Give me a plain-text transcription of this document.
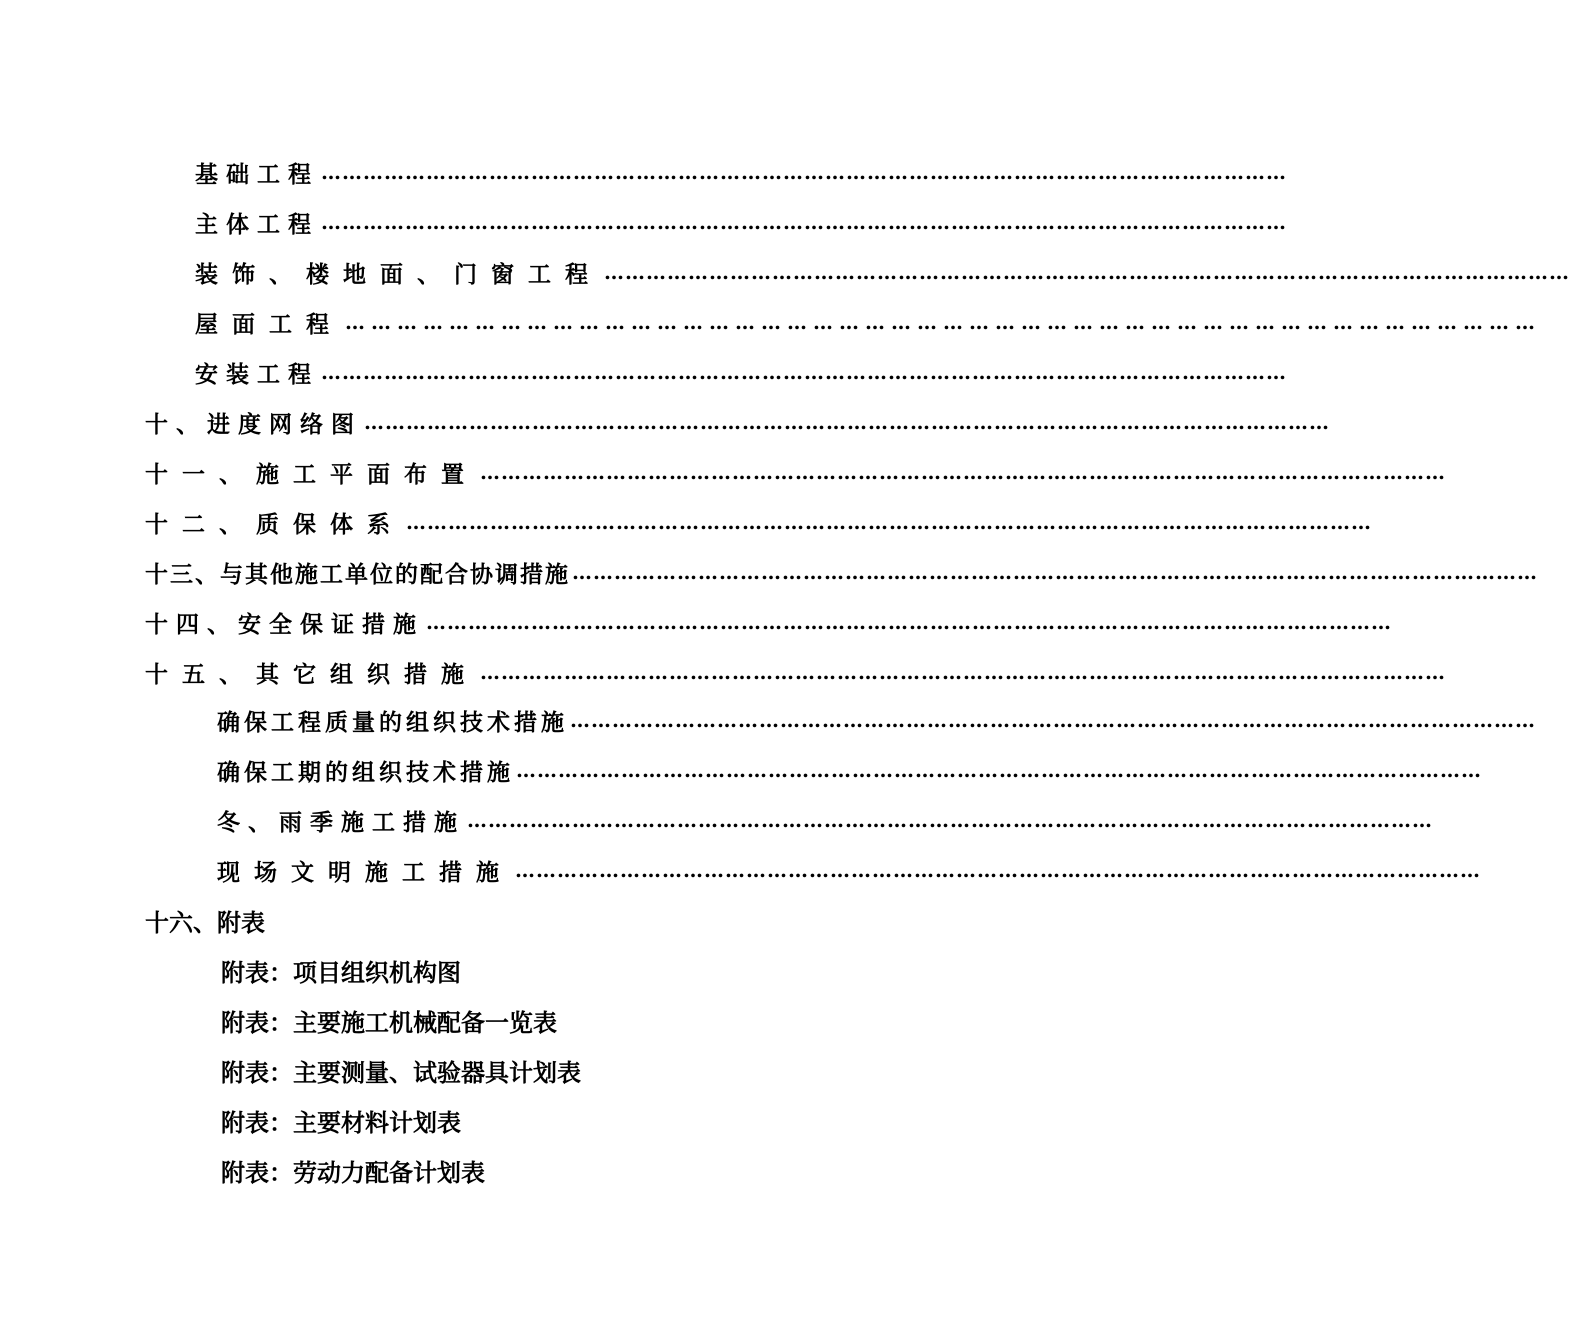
基础工程 …………………………………………………………………………………………………………………………
主体工程 …………………………………………………………………………………………………………………………
装饰、楼地面、门窗工程 …………………………………………………………………………………………………………………………
屋面工程 …………………………………………………………………………………………………………………………
安装工程 …………………………………………………………………………………………………………………………
十、进度网络图 …………………………………………………………………………………………………………………………
十一、施工平面布置 …………………………………………………………………………………………………………………………
十二、质保体系 …………………………………………………………………………………………………………………………
十三、与其他施工单位的配合协调措施 …………………………………………………………………………………………………………………………
十四、安全保证措施 …………………………………………………………………………………………………………………………
十五、其它组织措施 …………………………………………………………………………………………………………………………
确保工程质量的组织技术措施 …………………………………………………………………………………………………………………………
确保工期的组织技术措施 …………………………………………………………………………………………………………………………
冬、雨季施工措施 …………………………………………………………………………………………………………………………
现场文明施工措施 …………………………………………………………………………………………………………………………
十六、附表
附表：项目组织机构图
附表：主要施工机械配备一览表
附表：主要测量、试验器具计划表
附表：主要材料计划表
附表：劳动力配备计划表
